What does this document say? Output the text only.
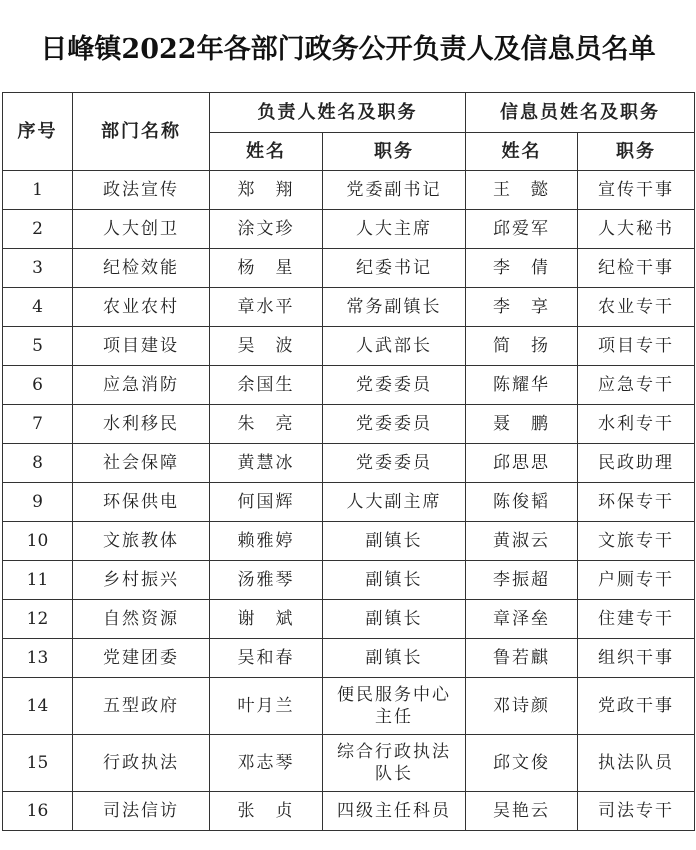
日峰镇2022年各部门政务公开负责人及信息员名单
序号	部门名称	负责人姓名及职务		信息员姓名及职务	
		姓名	职务	姓名	职务
1	政法宣传	郑　翔	党委副书记	王　懿	宣传干事
2	人大创卫	涂文珍	人大主席	邱爱军	人大秘书
3	纪检效能	杨　星	纪委书记	李　倩	纪检干事
4	农业农村	章水平	常务副镇长	李　享	农业专干
5	项目建设	吴　波	人武部长	简　扬	项目专干
6	应急消防	余国生	党委委员	陈耀华	应急专干
7	水利移民	朱　亮	党委委员	聂　鹏	水利专干
8	社会保障	黄慧冰	党委委员	邱思思	民政助理
9	环保供电	何国辉	人大副主席	陈俊韬	环保专干
10	文旅教体	赖雅婷	副镇长	黄淑云	文旅专干
11	乡村振兴	汤雅琴	副镇长	李振超	户厕专干
12	自然资源	谢　斌	副镇长	章泽垒	住建专干
13	党建团委	吴和春	副镇长	鲁若麒	组织干事
14	五型政府	叶月兰	便民服务中心主任	邓诗颜	党政干事
15	行政执法	邓志琴	综合行政执法队长	邱文俊	执法队员
16	司法信访	张　贞	四级主任科员	吴艳云	司法专干
